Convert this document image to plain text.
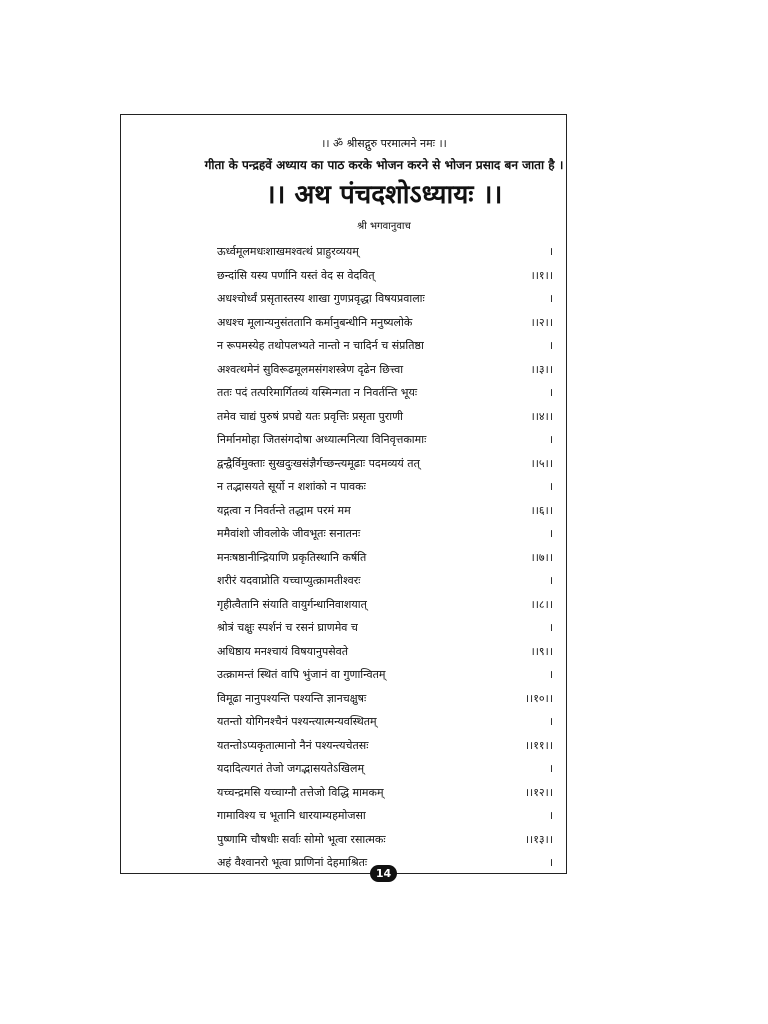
।। ॐ श्रीसद्गुरु परमात्मने नमः ।।
गीता के पन्द्रहवें अध्याय का पाठ करके भोजन करने से भोजन प्रसाद बन जाता है ।
।। अथ पंचदशोऽध्यायः ।।
श्री भगवानुवाच
ऊर्ध्वमूलमधःशाखमश्वत्थं प्राहुरव्ययम्	।
छन्दांसि यस्य पर्णानि यस्तं वेद स वेदवित्	।।१।।
अधश्चोर्ध्वं प्रसृतास्तस्य शाखा गुणप्रवृद्धा विषयप्रवालाः	।
अधश्च मूलान्यनुसंततानि कर्मानुबन्धीनि मनुष्यलोके	।।२।।
न रूपमस्येह तथोपलभ्यते नान्तो न चादिर्न च संप्रतिष्ठा	।
अश्वत्थमेनं सुविरूढमूलमसंगशस्त्रेण दृढेन छित्त्वा	।।३।।
ततः पदं तत्परिमार्गितव्यं यस्मिन्गता न निवर्तन्ति भूयः	।
तमेव चाद्यं पुरुषं प्रपद्ये यतः प्रवृत्तिः प्रसृता पुराणी	।।४।।
निर्मानमोहा जितसंगदोषा अध्यात्मनित्या विनिवृत्तकामाः	।
द्वन्द्वैर्विमुक्ताः सुखदुःखसंज्ञैर्गच्छन्त्यमूढाः पदमव्ययं तत्	।।५।।
न तद्भासयते सूर्यो न शशांको न पावकः	।
यद्गत्वा न निवर्तन्ते तद्धाम परमं मम	।।६।।
ममैवांशो जीवलोके जीवभूतः सनातनः	।
मनःषष्ठानीन्द्रियाणि प्रकृतिस्थानि कर्षति	।।७।।
शरीरं यदवाप्नोति यच्चाप्युत्क्रामतीश्वरः	।
गृहीत्वैतानि संयाति वायुर्गन्धानिवाशयात्	।।८।।
श्रोत्रं चक्षुः स्पर्शनं च रसनं घ्राणमेव च	।
अधिष्ठाय मनश्चायं विषयानुपसेवते	।।९।।
उत्क्रामन्तं स्थितं वापि भुंजानं वा गुणान्वितम्	।
विमूढा नानुपश्यन्ति पश्यन्ति ज्ञानचक्षुषः	।।१०।।
यतन्तो योगिनश्चैनं पश्यन्त्यात्मन्यवस्थितम्	।
यतन्तोऽप्यकृतात्मानो नैनं पश्यन्त्यचेतसः	।।११।।
यदादित्यगतं तेजो जगद्भासयतेऽखिलम्	।
यच्चन्द्रमसि यच्चाग्नौ तत्तेजो विद्धि मामकम्	।।१२।।
गामाविश्य च भूतानि धारयाम्यहमोजसा	।
पुष्णामि चौषधीः सर्वाः सोमो भूत्वा रसात्मकः	।।१३।।
अहं वैश्वानरो भूत्वा प्राणिनां देहमाश्रितः	।
14
